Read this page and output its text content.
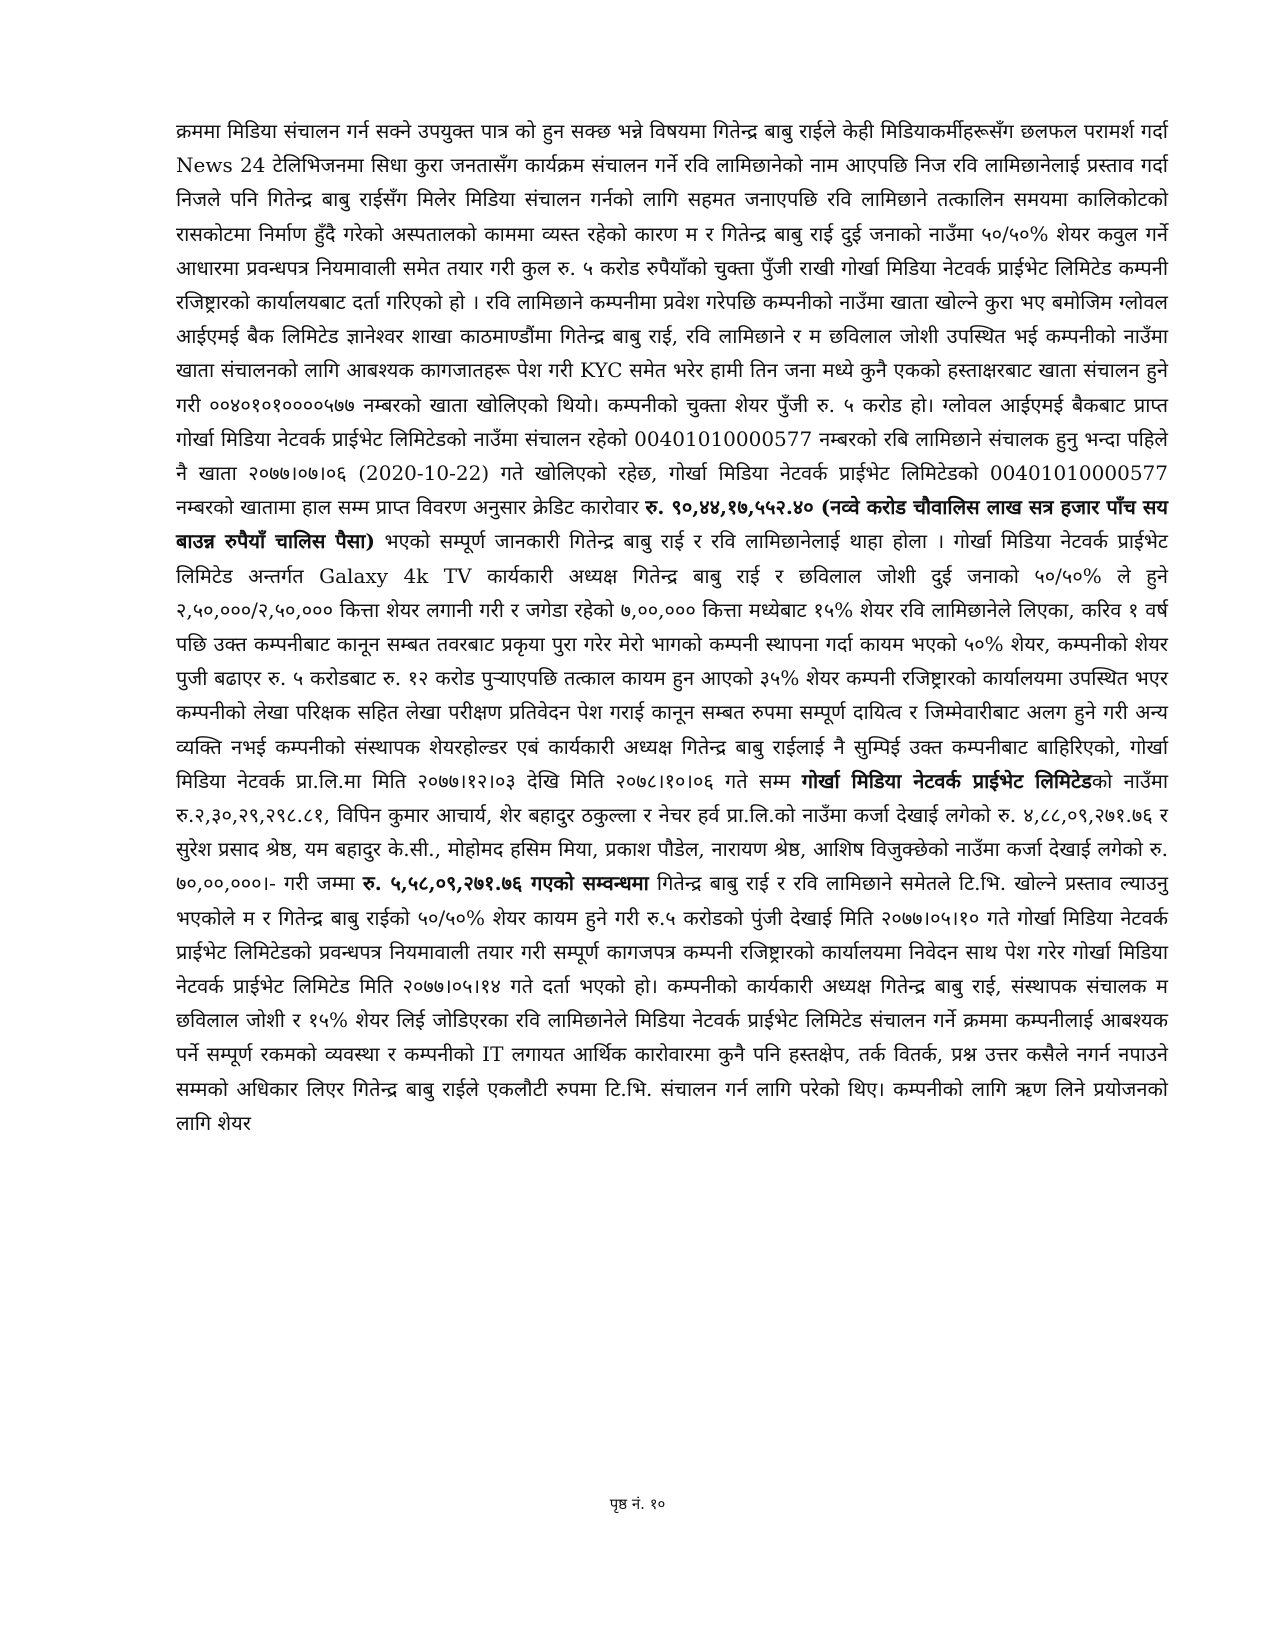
क्रममा मिडिया संचालन गर्न सक्ने उपयुक्त पात्र को हुन सक्छ भन्ने विषयमा गितेन्द्र बाबु राईले केही मिडियाकर्मीहरूसँग छलफल परामर्श गर्दा News 24 टेलिभिजनमा सिधा कुरा जनतासँग कार्यक्रम संचालन गर्ने रवि लामिछानेको नाम आएपछि निज रवि लामिछानेलाई प्रस्ताव गर्दा निजले पनि गितेन्द्र बाबु राईसँग मिलेर मिडिया संचालन गर्नको लागि सहमत जनाएपछि रवि लामिछाने तत्कालिन समयमा कालिकोटको रासकोटमा निर्माण हुँदै गरेको अस्पतालको काममा व्यस्त रहेको कारण म र गितेन्द्र बाबु राई दुई जनाको नाउँमा ५०/५०% शेयर कवुल गर्ने आधारमा प्रवन्धपत्र नियमावाली समेत तयार गरी कुल रु. ५ करोड रुपैयाँको चुक्ता पुँजी राखी गोर्खा मिडिया नेटवर्क प्राईभेट लिमिटेड कम्पनी रजिष्ट्रारको कार्यालयबाट दर्ता गरिएको हो । रवि लामिछाने कम्पनीमा प्रवेश गरेपछि कम्पनीको नाउँमा खाता खोल्ने कुरा भए बमोजिम ग्लोवल आईएमई बैक लिमिटेड ज्ञानेश्वर शाखा काठमाण्डौंमा गितेन्द्र बाबु राई, रवि लामिछाने र म छविलाल जोशी उपस्थित भई कम्पनीको नाउँमा खाता संचालनको लागि आबश्यक कागजातहरू पेश गरी KYC समेत भरेर हामी तिन जना मध्ये कुनै एकको हस्ताक्षरबाट खाता संचालन हुने गरी ००४०१०१००००५७७ नम्बरको खाता खोलिएको थियो। कम्पनीको चुक्ता शेयर पुँजी रु. ५ करोड हो। ग्लोवल आईएमई बैकबाट प्राप्त गोर्खा मिडिया नेटवर्क प्राईभेट लिमिटेडको नाउँमा संचालन रहेको 00401010000577 नम्बरको रबि लामिछाने संचालक हुनु भन्दा पहिले नै खाता २०७७।०७।०६ (2020-10-22) गते खोलिएको रहेछ, गोर्खा मिडिया नेटवर्क प्राईभेट लिमिटेडको 00401010000577 नम्बरको खातामा हाल सम्म प्राप्त विवरण अनुसार क्रेडिट कारोवार रु. ९०,४४,१७,५५२.४० (नव्वे करोड चौवालिस लाख सत्र हजार पाँच सय बाउन्न रुपैयाँ चालिस पैसा) भएको सम्पूर्ण जानकारी गितेन्द्र बाबु राई र रवि लामिछानेलाई थाहा होला । गोर्खा मिडिया नेटवर्क प्राईभेट लिमिटेड अन्तर्गत Galaxy 4k TV कार्यकारी अध्यक्ष गितेन्द्र बाबु राई र छविलाल जोशी दुई जनाको ५०/५०% ले हुने २,५०,०००/२,५०,००० कित्ता शेयर लगानी गरी र जगेडा रहेको ७,००,००० कित्ता मध्येबाट १५% शेयर रवि लामिछानेले लिएका, करिव १ वर्ष पछि उक्त कम्पनीबाट कानून सम्बत तवरबाट प्रकृया पुरा गरेर मेरो भागको कम्पनी स्थापना गर्दा कायम भएको ५०% शेयर, कम्पनीको शेयर पुजी बढाएर रु. ५ करोडबाट रु. १२ करोड पुर्‍याएपछि तत्काल कायम हुन आएको ३५% शेयर कम्पनी रजिष्ट्रारको कार्यालयमा उपस्थित भएर कम्पनीको लेखा परिक्षक सहित लेखा परीक्षण प्रतिवेदन पेश गराई कानून सम्बत रुपमा सम्पूर्ण दायित्व र जिम्मेवारीबाट अलग हुने गरी अन्य व्यक्ति नभई कम्पनीको संस्थापक शेयरहोल्डर एबं कार्यकारी अध्यक्ष गितेन्द्र बाबु राईलाई नै सुम्पिई उक्त कम्पनीबाट बाहिरिएको, गोर्खा मिडिया नेटवर्क प्रा.लि.मा मिति २०७७।१२।०३ देखि मिति २०७८।१०।०६ गते सम्म गोर्खा मिडिया नेटवर्क प्राईभेट लिमिटेडको नाउँमा रु.२,३०,२९,२९८.८१, विपिन कुमार आचार्य, शेर बहादुर ठकुल्ला र नेचर हर्व प्रा.लि.को नाउँमा कर्जा देखाई लगेको रु. ४,८८,०९,२७१.७६ र सुरेश प्रसाद श्रेष्ठ, यम बहादुर के.सी., मोहोमद हसिम मिया, प्रकाश पौडेल, नारायण श्रेष्ठ, आशिष विजुक्छेको नाउँमा कर्जा देखाई लगेको रु. ७०,००,०००।- गरी जम्मा रु. ५,५८,०९,२७१.७६ गएको सम्वन्धमा गितेन्द्र बाबु राई र रवि लामिछाने समेतले टि.भि. खोल्ने प्रस्ताव ल्याउनु भएकोले म र गितेन्द्र बाबु राईको ५०/५०% शेयर कायम हुने गरी रु.५ करोडको पुंजी देखाई मिति २०७७।०५।१० गते गोर्खा मिडिया नेटवर्क प्राईभेट लिमिटेडको प्रवन्धपत्र नियमावाली तयार गरी सम्पूर्ण कागजपत्र कम्पनी रजिष्ट्रारको कार्यालयमा निवेदन साथ पेश गरेर गोर्खा मिडिया नेटवर्क प्राईभेट लिमिटेड मिति २०७७।०५।१४ गते दर्ता भएको हो। कम्पनीको कार्यकारी अध्यक्ष गितेन्द्र बाबु राई, संस्थापक संचालक म छविलाल जोशी र १५% शेयर लिई जोडिएरका रवि लामिछानेले मिडिया नेटवर्क प्राईभेट लिमिटेड संचालन गर्ने क्रममा कम्पनीलाई आबश्यक पर्ने सम्पूर्ण रकमको व्यवस्था र कम्पनीको IT लगायत आर्थिक कारोवारमा कुनै पनि हस्तक्षेप, तर्क वितर्क, प्रश्न उत्तर कसैले नगर्न नपाउने सम्मको अधिकार लिएर गितेन्द्र बाबु राईले एकलौटी रुपमा टि.भि. संचालन गर्न लागि परेको थिए। कम्पनीको लागि ऋण लिने प्रयोजनको लागि शेयर

पृष्ठ नं. १०
